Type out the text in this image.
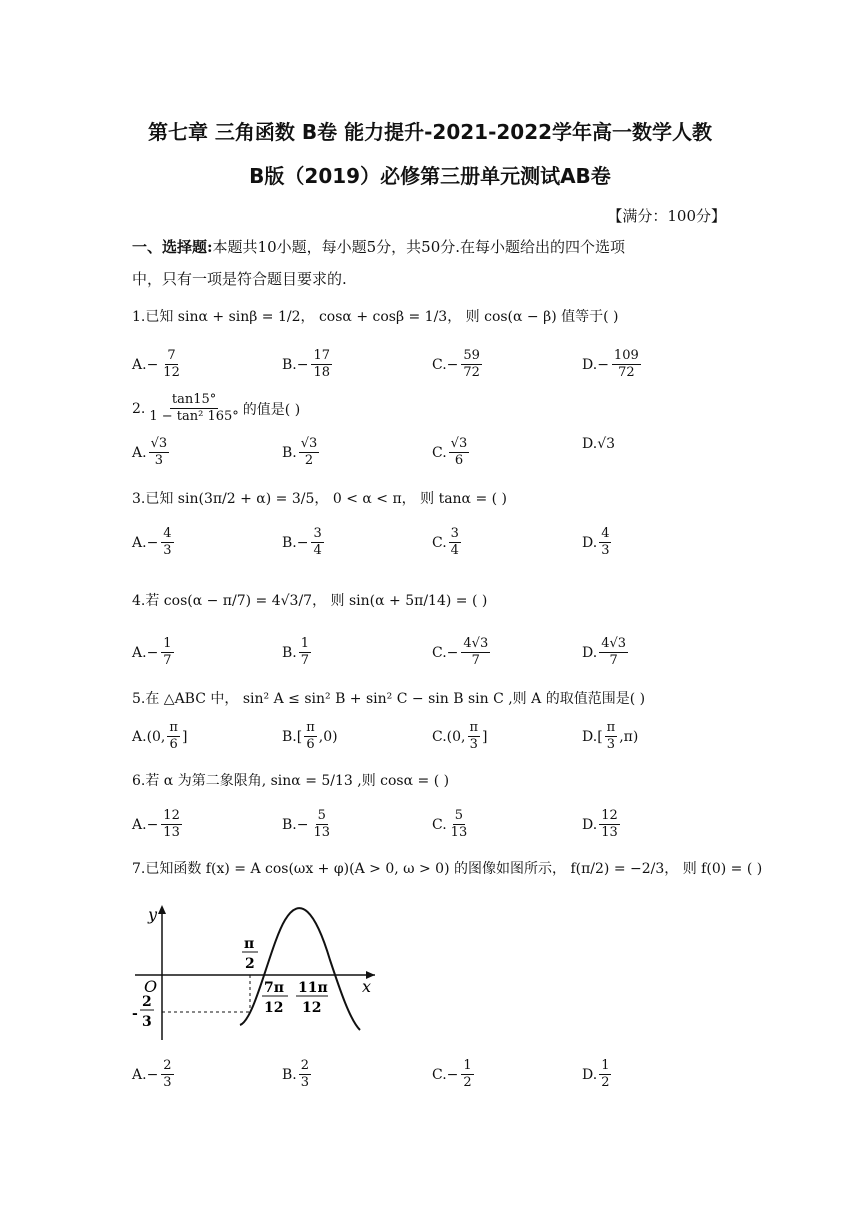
第七章 三角函数 B卷 能力提升-2021-2022学年高一数学人教
B版（2019）必修第三册单元测试AB卷
【满分：100分】
一、选择题:本题共10小题，每小题5分，共50分.在每小题给出的四个选项
中，只有一项是符合题目要求的.
1.已知 sinα + sinβ = 1/2， cosα + cosβ = 1/3， 则 cos(α − β) 值等于( )
2. $\frac{\tan 15^\circ}{\text{1 − tan² 165°}}$ 的值是( )
3.已知 sin(3π/2 + α) = 3/5， 0 < α < π， 则 tanα = ( )
4.若 cos(α − π/7) = 4√3/7， 则 sin(α + 5π/14) = ( )
5.在 △ABC 中， sin² A ≤ sin² B + sin² C − sin B sin C ,则 A 的取值范围是( )
6.若 α 为第二象限角, sinα = 5/13 ,则 cosα = ( )
7.已知函数 f(x) = A cos(ωx + φ)(A > 0, ω > 0) 的图像如图所示， f(π/2) = −2/3， 则 f(0) = ( )
A. − $\frac{7}{12}$	B. − $\frac{17}{18}$	C. − $\frac{59}{72}$	D. − $\frac{109}{72}$
A. $\frac{√3}{3}$	B. $\frac{√3}{2}$	C. $\frac{√3}{6}$	D. √3
A. − $\frac{4}{3}$	B. − $\frac{3}{4}$	C. $\frac{3}{4}$	D. $\frac{4}{3}$
A. − $\frac{1}{7}$	B. $\frac{1}{7}$	C. − $\frac{4√3}{7}$	D. $\frac{4√3}{7}$
A. (0, $\frac{\pi}{6}$ ]	B. [ $\frac{\pi}{6} ,0$)	C. (0, $\frac{\pi}{3}$ ]	D. [ $\frac{\pi}{3} ,\pi$)
A. − $\frac{12}{13}$	B. − $\frac{5}{13}$	C. $\frac{5}{13}$	D. $\frac{12}{13}$
A. − $\frac{2}{3}$	B. $\frac{2}{3}$	C. − $\frac{1}{2}$	D. $\frac{1}{2}$
y
x
O
π
2
7π
12
11π
12
-
2
3
